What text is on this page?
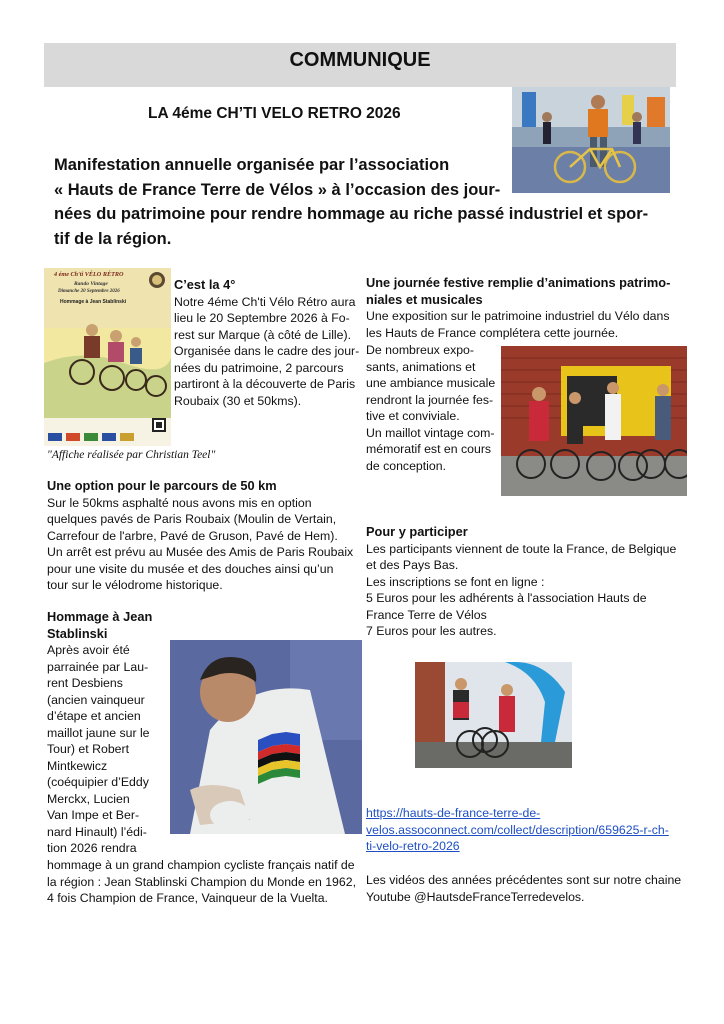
COMMUNIQUE
LA 4éme CH’TI VELO RETRO 2026
Manifestation annuelle organisée par l’association
« Hauts de France Terre de Vélos » à l’occasion des jour-
nées du patrimoine pour rendre hommage au riche passé industriel et spor-
tif de la région.
4 éme Ch'ti VÉLO RÉTRO
Rando Vintage
Dimanche 20 Septembre 2026
Hommage à Jean Stablinski
"Affiche réalisée par Christian Teel"
C’est la 4°
Notre 4éme Ch'ti Vélo Rétro aura
lieu le 20 Septembre 2026 à Fo-
rest sur Marque (à côté de Lille).
Organisée dans le cadre des jour-
nées du patrimoine, 2 parcours
partiront à la découverte de Paris
Roubaix (30 et 50kms).
Une option pour le parcours de 50 km
Sur le 50kms asphalté nous avons mis en option
quelques pavés de Paris Roubaix (Moulin de Vertain,
Carrefour de l'arbre, Pavé de Gruson, Pavé de Hem).
Un arrêt est prévu au Musée des Amis de Paris Roubaix
pour une visite du musée et des douches ainsi qu’un
tour sur le vélodrome historique.
Hommage à Jean
Stablinski
Après avoir été
parrainée par Lau-
rent Desbiens
(ancien vainqueur
d’étape et ancien
maillot jaune sur le
Tour) et Robert
Mintkewicz
(coéquipier d’Eddy
Merckx, Lucien
Van Impe et Ber-
nard Hinault) l’édi-
tion 2026 rendra
hommage à un grand champion cycliste français natif de
la région : Jean Stablinski Champion du Monde en 1962,
4 fois Champion de France, Vainqueur de la Vuelta.
Une journée festive remplie d’animations patrimo-
niales et musicales
Une exposition sur le patrimoine industriel du Vélo dans
les Hauts de France complétera cette journée.
De nombreux expo-
sants, animations et
une ambiance musicale
rendront la journée fes-
tive et conviviale.
Un maillot vintage com-
mémoratif est en cours
de conception.
Pour y participer
Les participants viennent de toute la France, de Belgique
et des Pays Bas.
Les inscriptions se font en ligne :
5 Euros pour les adhérents à l'association Hauts de
France Terre de Vélos
7 Euros pour les autres.
https://hauts-de-france-terre-de-
velos.assoconnect.com/collect/description/659625-r-ch-
ti-velo-retro-2026
Les vidéos des années précédentes sont sur notre chaine
Youtube @HautsdeFranceTerredevelos.
